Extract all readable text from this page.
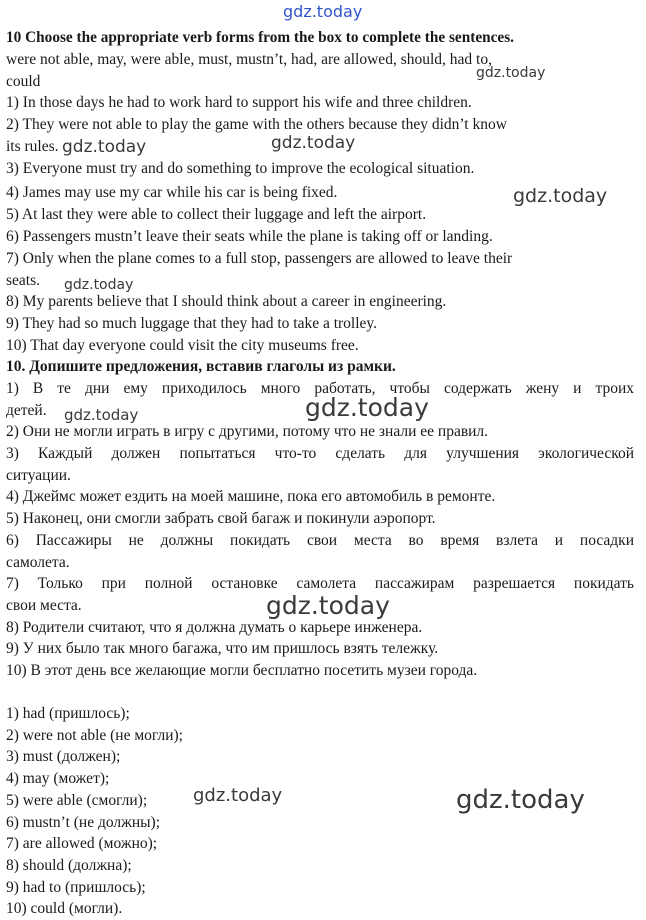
gdz.today
10 Choose the appropriate verb forms from the box to complete the sentences.
were not able, may, were able, must, mustn’t, had, are allowed, should, had to,
could
1) In those days he had to work hard to support his wife and three children.
2) They were not able to play the game with the others because they didn’t know
its rules.
3) Everyone must try and do something to improve the ecological situation.
4) James may use my car while his car is being fixed.
5) At last they were able to collect their luggage and left the airport.
6) Passengers mustn’t leave their seats while the plane is taking off or landing.
7) Only when the plane comes to a full stop, passengers are allowed to leave their
seats.
8) My parents believe that I should think about a career in engineering.
9) They had so much luggage that they had to take a trolley.
10) That day everyone could visit the city museums free.
10. Допишите предложения, вставив глаголы из рамки.
1) В те дни ему приходилось много работать, чтобы содержать жену и троих
детей.
2) Они не могли играть в игру с другими, потому что не знали ее правил.
3) Каждый должен попытаться что-то сделать для улучшения экологической
ситуации.
4) Джеймс может ездить на моей машине, пока его автомобиль в ремонте.
5) Наконец, они смогли забрать свой багаж и покинули аэропорт.
6) Пассажиры не должны покидать свои места во время взлета и посадки
самолета.
7) Только при полной остановке самолета пассажирам разрешается покидать
свои места.
8) Родители считают, что я должна думать о карьере инженера.
9) У них было так много багажа, что им пришлось взять тележку.
10) В этот день все желающие могли бесплатно посетить музеи города.
1) had (пришлось);
2) were not able (не могли);
3) must (должен);
4) may (может);
5) were able (смогли);
6) mustn’t (не должны);
7) are allowed (можно);
8) should (должна);
9) had to (пришлось);
10) could (могли).
gdz.today
gdz.today	gdz.today
gdz.today
gdz.today
gdz.today
gdz.today
gdz.today
gdz.today	gdz.today
